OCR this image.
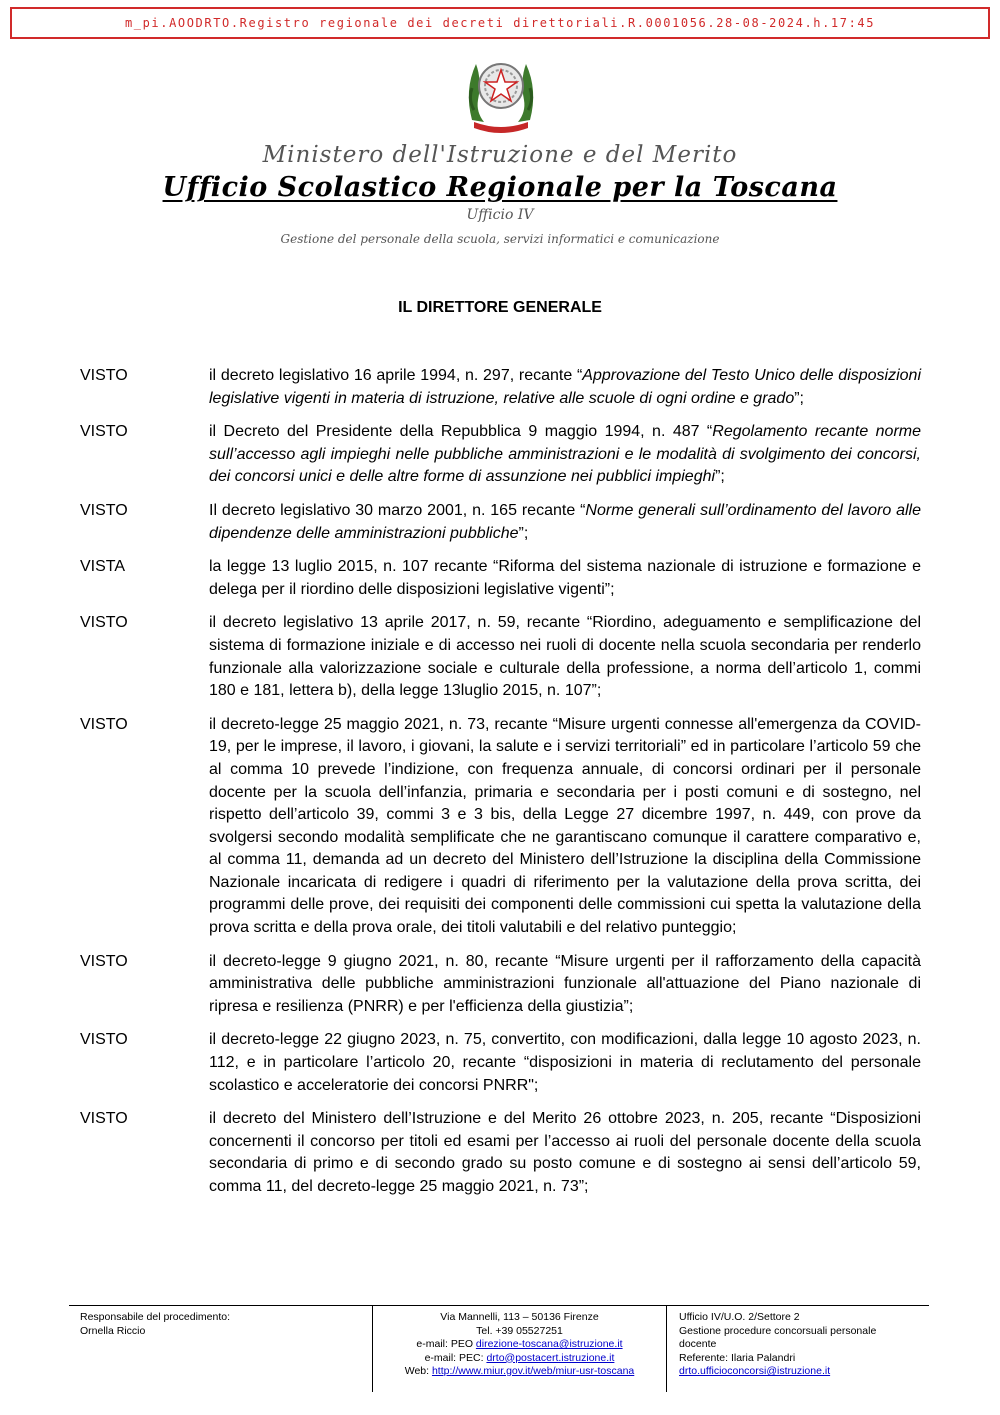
m_pi.AOODRTO.Registro regionale dei decreti direttoriali.R.0001056.28-08-2024.h.17:45
Ministero dell'Istruzione e del Merito
Ufficio Scolastico Regionale per la Toscana
Ufficio IV
Gestione del personale della scuola, servizi informatici e comunicazione
IL DIRETTORE GENERALE
VISTO	il decreto legislativo 16 aprile 1994, n. 297, recante “Approvazione del Testo Unico delle disposizioni legislative vigenti in materia di istruzione, relative alle scuole di ogni ordine e grado”;
VISTO	il Decreto del Presidente della Repubblica 9 maggio 1994, n. 487 “Regolamento recante norme sull’accesso agli impieghi nelle pubbliche amministrazioni e le modalità di svolgimento dei concorsi, dei concorsi unici e delle altre forme di assunzione nei pubblici impieghi”;
VISTO	Il decreto legislativo 30 marzo 2001, n. 165 recante “Norme generali sull’ordinamento del lavoro alle dipendenze delle amministrazioni pubbliche”;
VISTA	la legge 13 luglio 2015, n. 107 recante “Riforma del sistema nazionale di istruzione e formazione e delega per il riordino delle disposizioni legislative vigenti”;
VISTO	il decreto legislativo 13 aprile 2017, n. 59, recante “Riordino, adeguamento e semplificazione del sistema di formazione iniziale e di accesso nei ruoli di docente nella scuola secondaria per renderlo funzionale alla valorizzazione sociale e culturale della professione, a norma dell’articolo 1, commi 180 e 181, lettera b), della legge 13luglio 2015, n. 107”;
VISTO	il decreto-legge 25 maggio 2021, n. 73, recante “Misure urgenti connesse all'emergenza da COVID-19, per le imprese, il lavoro, i giovani, la salute e i servizi territoriali” ed in particolare l’articolo 59 che al comma 10 prevede l’indizione, con frequenza annuale, di concorsi ordinari per il personale docente per la scuola dell’infanzia, primaria e secondaria per i posti comuni e di sostegno, nel rispetto dell’articolo 39, commi 3 e 3 bis, della Legge 27 dicembre 1997, n. 449, con prove da svolgersi secondo modalità semplificate che ne garantiscano comunque il carattere comparativo e, al comma 11, demanda ad un decreto del Ministero dell’Istruzione la disciplina della Commissione Nazionale incaricata di redigere i quadri di riferimento per la valutazione della prova scritta, dei programmi delle prove, dei requisiti dei componenti delle commissioni cui spetta la valutazione della prova scritta e della prova orale, dei titoli valutabili e del relativo punteggio;
VISTO	il decreto-legge 9 giugno 2021, n. 80, recante “Misure urgenti per il rafforzamento della capacità amministrativa delle pubbliche amministrazioni funzionale all'attuazione del Piano nazionale di ripresa e resilienza (PNRR) e per l'efficienza della giustizia”;
VISTO	il decreto-legge 22 giugno 2023, n. 75, convertito, con modificazioni, dalla legge 10 agosto 2023, n. 112, e in particolare l’articolo 20, recante “disposizioni in materia di reclutamento del personale scolastico e acceleratorie dei concorsi PNRR";
VISTO	il decreto del Ministero dell’Istruzione e del Merito 26 ottobre 2023, n. 205, recante “Disposizioni concernenti il concorso per titoli ed esami per l’accesso ai ruoli del personale docente della scuola secondaria di primo e di secondo grado su posto comune e di sostegno ai sensi dell’articolo 59, comma 11, del decreto-legge 25 maggio 2021, n. 73”;
Responsabile del procedimento:
Ornella Riccio
Via Mannelli, 113 – 50136 Firenze
Tel. +39 05527251
e-mail: PEO direzione-toscana@istruzione.it
e-mail: PEC: drto@postacert.istruzione.it
Web: http://www.miur.gov.it/web/miur-usr-toscana
Ufficio IV/U.O. 2/Settore 2
Gestione procedure concorsuali personale
docente
Referente: Ilaria Palandri
drto.ufficioconcorsi@istruzione.it
